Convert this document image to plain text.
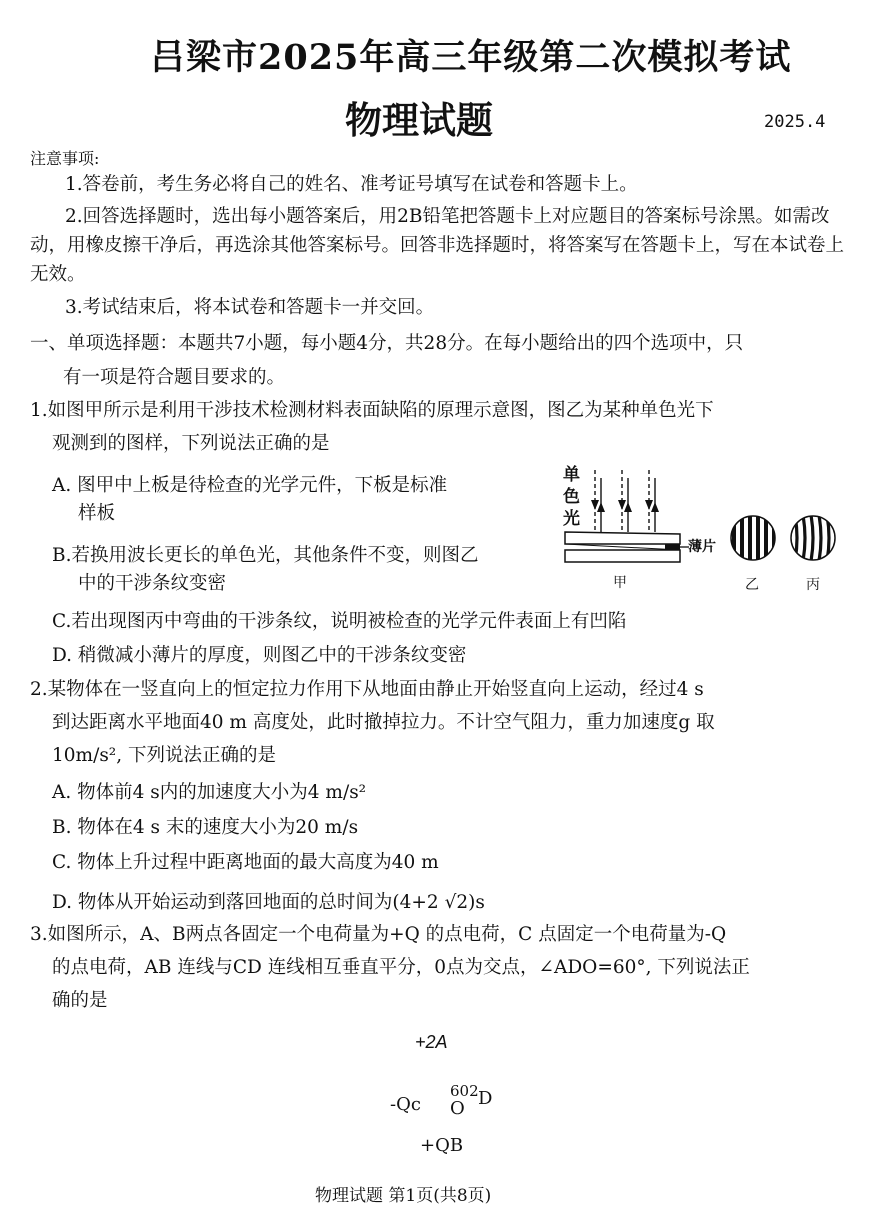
吕梁市2025年高三年级第二次模拟考试
物理试题	2025.4
注意事项:
1.答卷前，考生务必将自己的姓名、准考证号填写在试卷和答题卡上。
2.回答选择题时，选出每小题答案后，用2B铅笔把答题卡上对应题目的答案标号涂黑。如需改
动，用橡皮擦干净后，再选涂其他答案标号。回答非选择题时，将答案写在答题卡上，写在本试卷上
无效。
3.考试结束后，将本试卷和答题卡一并交回。
一、单项选择题：本题共7小题，每小题4分，共28分。在每小题给出的四个选项中，只
有一项是符合题目要求的。
1.如图甲所示是利用干涉技术检测材料表面缺陷的原理示意图，图乙为某种单色光下
观测到的图样，下列说法正确的是
A. 图甲中上板是待检查的光学元件，下板是标准
样板
B.若换用波长更长的单色光，其他条件不变，则图乙
中的干涉条纹变密
C.若出现图丙中弯曲的干涉条纹，说明被检查的光学元件表面上有凹陷
D. 稍微减小薄片的厚度，则图乙中的干涉条纹变密
单
色
光
薄片
甲	乙	丙
2.某物体在一竖直向上的恒定拉力作用下从地面由静止开始竖直向上运动，经过4 s
到达距离水平地面40 m 高度处，此时撤掉拉力。不计空气阻力，重力加速度g 取
10m/s², 下列说法正确的是
A. 物体前4 s内的加速度大小为4 m/s²
B. 物体在4 s 末的速度大小为20 m/s
C. 物体上升过程中距离地面的最大高度为40 m
D. 物体从开始运动到落回地面的总时间为(4+2 √2)s
3.如图所示，A、B两点各固定一个电荷量为+Q 的点电荷，C 点固定一个电荷量为-Q
的点电荷，AB 连线与CD 连线相互垂直平分，0点为交点，∠ADO=60°, 下列说法正
确的是
+2A
-Qc
602
O D
+QB
物理试题 第1页(共8页)
